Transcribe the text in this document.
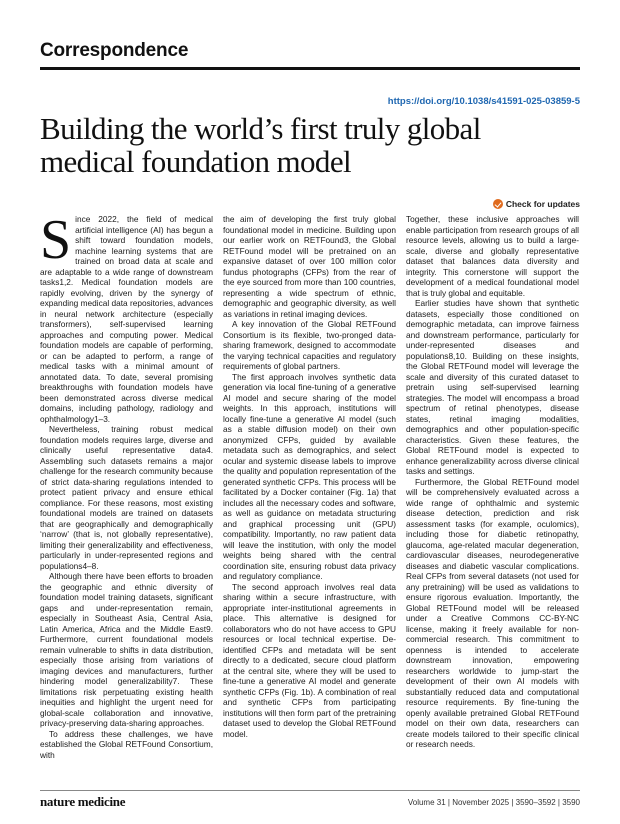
Correspondence
https://doi.org/10.1038/s41591-025-03859-5
Building the world’s first truly global medical foundation model
Check for updates

Since 2022, the field of medical artificial intelligence (AI) has begun a shift toward foundation models, machine learning systems that are trained on broad data at scale and are adaptable to a wide range of downstream tasks1,2. Medical foundation models are rapidly evolving, driven by the synergy of expanding medical data repositories, advances in neural network architecture (especially transformers), self-supervised learning approaches and computing power. Medical foundation models are capable of performing, or can be adapted to perform, a range of medical tasks with a minimal amount of annotated data. To date, several promising breakthroughs with foundation models have been demonstrated across diverse medical domains, including pathology, radiology and ophthalmology1–3.

Nevertheless, training robust medical foundation models requires large, diverse and clinically useful representative data4. Assembling such datasets remains a major challenge for the research community because of strict data-sharing regulations intended to protect patient privacy and ensure ethical compliance. For these reasons, most existing foundational models are trained on datasets that are geographically and demographically ‘narrow’ (that is, not globally representative), limiting their generalizability and effectiveness, particularly in under-represented regions and populations4–8.

Although there have been efforts to broaden the geographic and ethnic diversity of foundation model training datasets, significant gaps and under-representation remain, especially in Southeast Asia, Central Asia, Latin America, Africa and the Middle East9. Furthermore, current foundational models remain vulnerable to shifts in data distribution, especially those arising from variations of imaging devices and manufacturers, further hindering model generalizability7. These limitations risk perpetuating existing health inequities and highlight the urgent need for global-scale collaboration and innovative, privacy-preserving data-sharing approaches.

To address these challenges, we have established the Global RETFound Consortium, with

the aim of developing the first truly global foundational model in medicine. Building upon our earlier work on RETFound3, the Global RETFound model will be pretrained on an expansive dataset of over 100 million color fundus photographs (CFPs) from the rear of the eye sourced from more than 100 countries, representing a wide spectrum of ethnic, demographic and geographic diversity, as well as variations in retinal imaging devices.

A key innovation of the Global RETFound Consortium is its flexible, two-pronged data-sharing framework, designed to accommodate the varying technical capacities and regulatory requirements of global partners.

The first approach involves synthetic data generation via local fine-tuning of a generative AI model and secure sharing of the model weights. In this approach, institutions will locally fine-tune a generative AI model (such as a stable diffusion model) on their own anonymized CFPs, guided by available metadata such as demographics, and select ocular and systemic disease labels to improve the quality and population representation of the generated synthetic CFPs. This process will be facilitated by a Docker container (Fig. 1a) that includes all the necessary codes and software, as well as guidance on metadata structuring and graphical processing unit (GPU) compatibility. Importantly, no raw patient data will leave the institution, with only the model weights being shared with the central coordination site, ensuring robust data privacy and regulatory compliance.

The second approach involves real data sharing within a secure infrastructure, with appropriate inter-institutional agreements in place. This alternative is designed for collaborators who do not have access to GPU resources or local technical expertise. De-identified CFPs and metadata will be sent directly to a dedicated, secure cloud platform at the central site, where they will be used to fine-tune a generative AI model and generate synthetic CFPs (Fig. 1b). A combination of real and synthetic CFPs from participating institutions will then form part of the pretraining dataset used to develop the Global RETFound model.

Together, these inclusive approaches will enable participation from research groups of all resource levels, allowing us to build a large-scale, diverse and globally representative dataset that balances data diversity and integrity. This cornerstone will support the development of a medical foundational model that is truly global and equitable.

Earlier studies have shown that synthetic datasets, especially those conditioned on demographic metadata, can improve fairness and downstream performance, particularly for under-represented diseases and populations8,10. Building on these insights, the Global RETFound model will leverage the scale and diversity of this curated dataset to pretrain using self-supervised learning strategies. The model will encompass a broad spectrum of retinal phenotypes, disease states, retinal imaging modalities, demographics and other population-specific characteristics. Given these features, the Global RETFound model is expected to enhance generalizability across diverse clinical tasks and settings.

Furthermore, the Global RETFound model will be comprehensively evaluated across a wide range of ophthalmic and systemic disease detection, prediction and risk assessment tasks (for example, oculomics), including those for diabetic retinopathy, glaucoma, age-related macular degeneration, cardiovascular diseases, neurodegenerative diseases and diabetic vascular complications. Real CFPs from several datasets (not used for any pretraining) will be used as validations to ensure rigorous evaluation. Importantly, the Global RETFound model will be released under a Creative Commons CC-BY-NC license, making it freely available for non-commercial research. This commitment to openness is intended to accelerate downstream innovation, empowering researchers worldwide to jump-start the development of their own AI models with substantially reduced data and computational resource requirements. By fine-tuning the openly available pretrained Global RETFound model on their own data, researchers can create models tailored to their specific clinical or research needs.

nature medicine	Volume 31 | November 2025 | 3590–3592 | 3590
